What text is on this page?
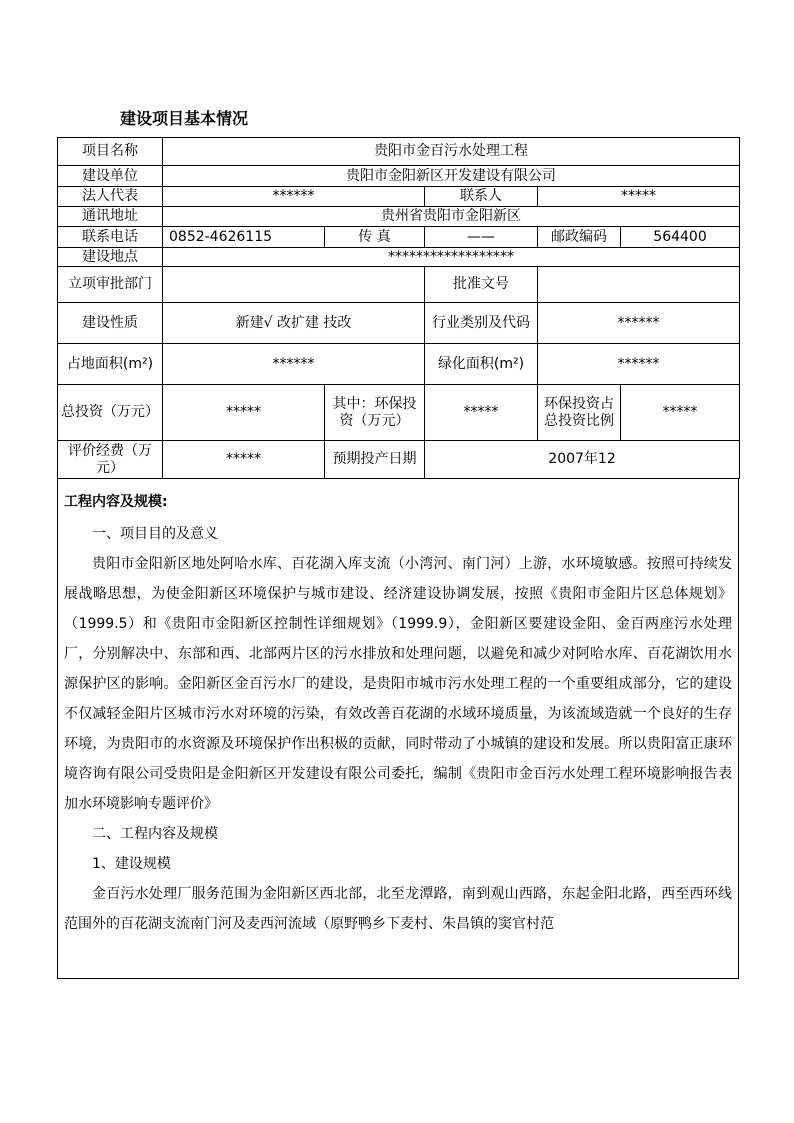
建设项目基本情况
项目名称	贵阳市金百污水处理工程				
建设单位	贵阳市金阳新区开发建设有限公司				
法人代表	******		联系人	*****	
通讯地址	贵州省贵阳市金阳新区				
联系电话	0852-4626115	传 真	——	邮政编码	564400
建设地点	******************				
立项审批部门			批准文号		
建设性质	新建√ 改扩建 技改		行业类别及代码	******	
占地面积(m²)	******		绿化面积(m²)	******	
总投资（万元）	*****	其中：环保投资（万元）	*****	环保投资占总投资比例	*****
评价经费（万元）	*****	预期投产日期	2007年12		
工程内容及规模:

一、项目目的及意义

贵阳市金阳新区地处阿哈水库、百花湖入库支流（小湾河、南门河）上游，水环境敏感。按照可持续发展战略思想，为使金阳新区环境保护与城市建设、经济建设协调发展，按照《贵阳市金阳片区总体规划》（1999.5）和《贵阳市金阳新区控制性详细规划》（1999.9），金阳新区要建设金阳、金百两座污水处理厂，分别解决中、东部和西、北部两片区的污水排放和处理问题，以避免和减少对阿哈水库、百花湖饮用水源保护区的影响。金阳新区金百污水厂的建设，是贵阳市城市污水处理工程的一个重要组成部分，它的建设不仅减轻金阳片区城市污水对环境的污染，有效改善百花湖的水域环境质量，为该流域造就一个良好的生存环境，为贵阳市的水资源及环境保护作出积极的贡献，同时带动了小城镇的建设和发展。所以贵阳富正康环境咨询有限公司受贵阳是金阳新区开发建设有限公司委托，编制《贵阳市金百污水处理工程环境影响报告表加水环境影响专题评价》

二、工程内容及规模

1、建设规模

金百污水处理厂服务范围为金阳新区西北部，北至龙潭路，南到观山西路，东起金阳北路，西至西环线范围外的百花湖支流南门河及麦西河流域（原野鸭乡下麦村、朱昌镇的窦官村范
